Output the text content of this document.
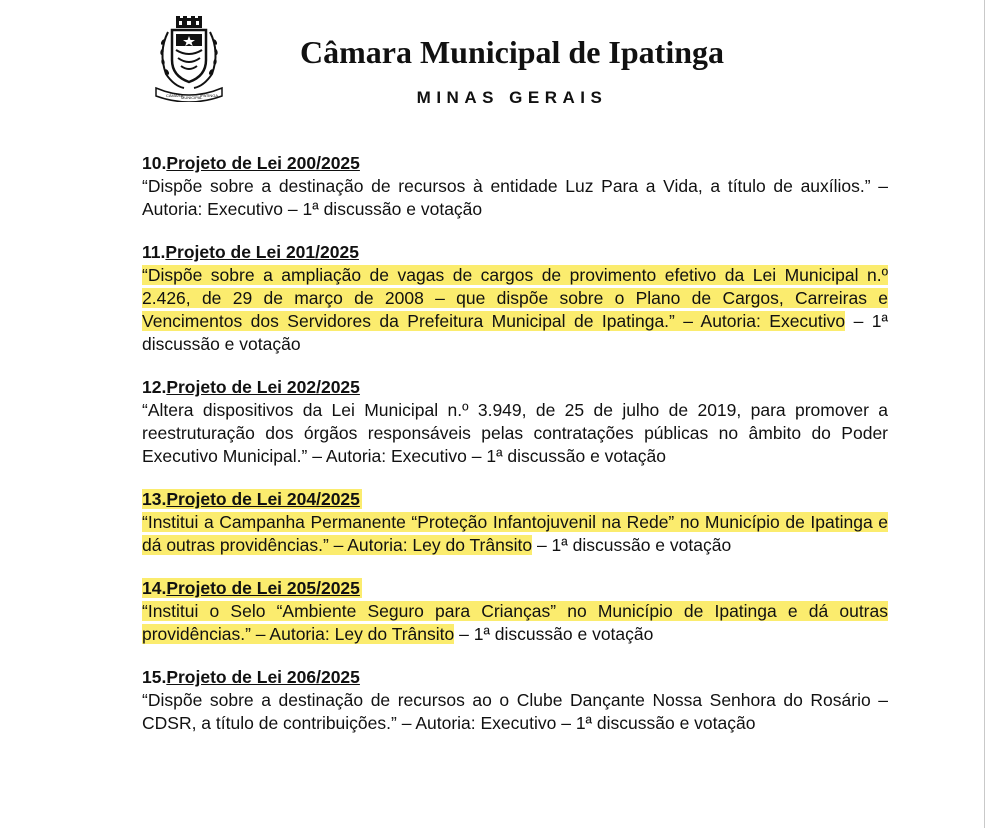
CÂMARA
MUNICIPAL
IPATINGA
Câmara Municipal de Ipatinga
MINAS GERAIS
10.Projeto de Lei 200/2025
“Dispõe sobre a destinação de recursos à entidade Luz Para a Vida, a título de auxílios.” – Autoria: Executivo – 1ª discussão e votação
11.Projeto de Lei 201/2025
“Dispõe sobre a ampliação de vagas de cargos de provimento efetivo da Lei Municipal n.º 2.426, de 29 de março de 2008 – que dispõe sobre o Plano de Cargos, Carreiras e Vencimentos dos Servidores da Prefeitura Municipal de Ipatinga.” – Autoria: Executivo – 1ª discussão e votação
12.Projeto de Lei 202/2025
“Altera dispositivos da Lei Municipal n.º 3.949, de 25 de julho de 2019, para promover a reestruturação dos órgãos responsáveis pelas contratações públicas no âmbito do Poder Executivo Municipal.” – Autoria: Executivo – 1ª discussão e votação
13.Projeto de Lei 204/2025
“Institui a Campanha Permanente “Proteção Infantojuvenil na Rede” no Município de Ipatinga e dá outras providências.” – Autoria: Ley do Trânsito – 1ª discussão e votação
14.Projeto de Lei 205/2025
“Institui o Selo “Ambiente Seguro para Crianças” no Município de Ipatinga e dá outras providências.” – Autoria: Ley do Trânsito – 1ª discussão e votação
15.Projeto de Lei 206/2025
“Dispõe sobre a destinação de recursos ao o Clube Dançante Nossa Senhora do Rosário – CDSR, a título de contribuições.” – Autoria: Executivo – 1ª discussão e votação
